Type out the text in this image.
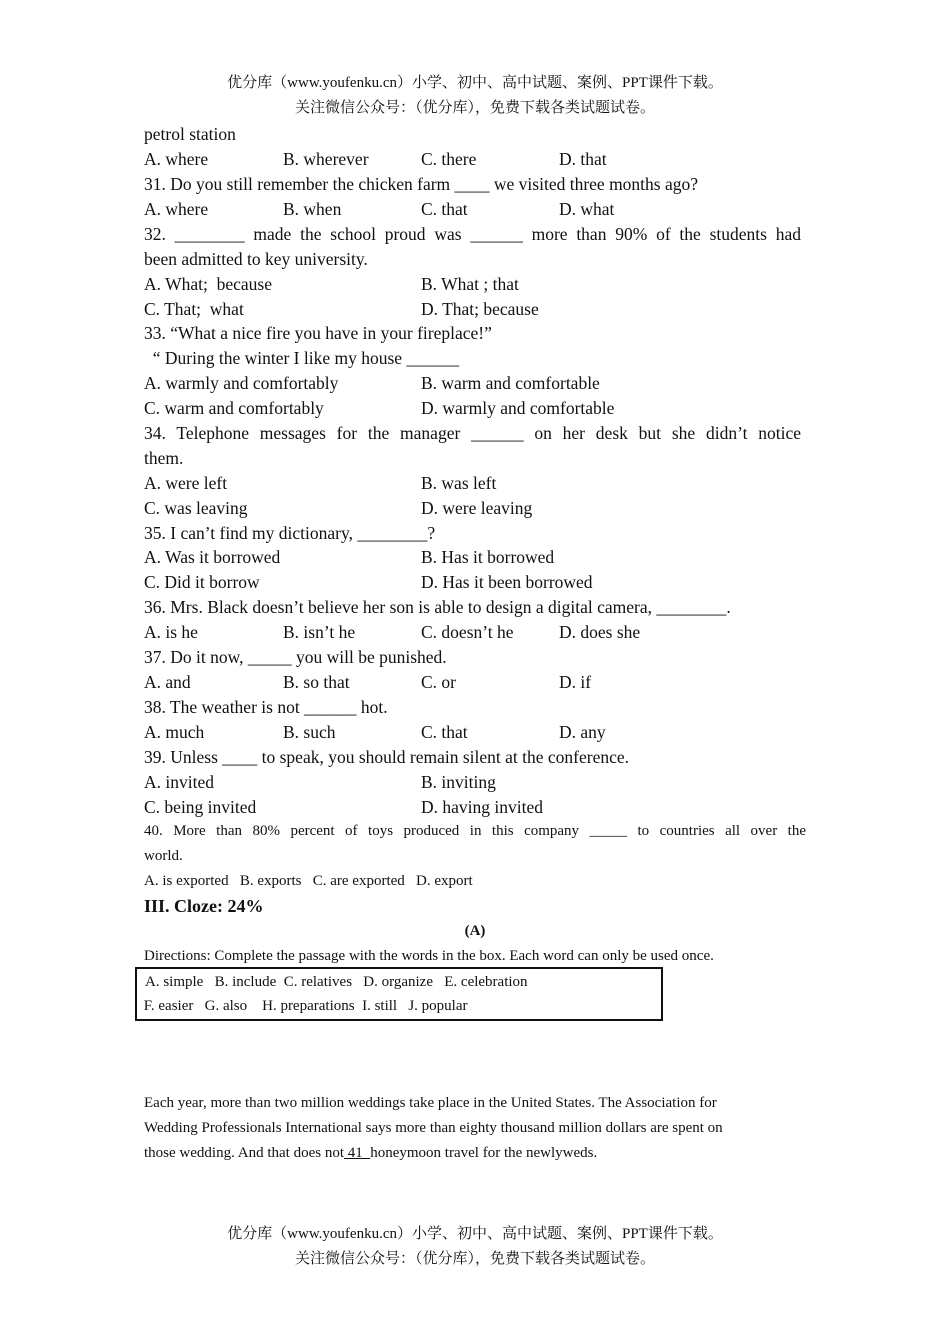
优分库（www.youfenku.cn）小学、初中、高中试题、案例、PPT课件下载。
关注微信公众号：（优分库），免费下载各类试题试卷。
petrol station

A. where

	B. wherever

	C. there

	D. that

31. Do you still remember the chicken farm ____ we visited three months ago?

A. where

	B. when

	C. that

	D. what

32. ________ made the school proud was ______ more than 90% of the students had
been admitted to key university.

A. What;  because

	B. What ; that

C. That;  what

	D. That; because

33. “What a nice fire you have in your fireplace!”
“ During the winter I like my house ______

A. warmly and comfortably

	B. warm and comfortable

C. warm and comfortably

	D. warmly and comfortable

34. Telephone messages for the manager ______ on her desk but she didn’t notice
them.

A. were left

	B. was left

C. was leaving

	D. were leaving

35. I can’t find my dictionary, ________?

A. Was it borrowed

	B. Has it borrowed

C. Did it borrow

	D. Has it been borrowed

36. Mrs. Black doesn’t believe her son is able to design a digital camera, ________.

A. is he

	B. isn’t he

	C. doesn’t he

	D. does she

37. Do it now, _____ you will be punished.

A. and

	B. so that

	C. or

	D. if

38. The weather is not ______ hot.

A. much

	B. such

	C. that

	D. any

39. Unless ____ to speak, you should remain silent at the conference.

A. invited

	B. inviting

C. being invited

	D. having invited

40. More than 80% percent of toys produced in this company _____ to countries all over the
world.
A. is exported   B. exports   C. are exported   D. export
III. Cloze: 24%
(A)
Directions: Complete the passage with the words in the box. Each word can only be used once.
A. simple   B. include  C. relatives   D. organize   E. celebration
F. easier   G. also    H. preparations  I. still   J. popular
Each year, more than two million weddings take place in the United States. The Association for
Wedding Professionals International says more than eighty thousand million dollars are spent on
those wedding. And that does not 41  honeymoon travel for the newlyweds.
优分库（www.youfenku.cn）小学、初中、高中试题、案例、PPT课件下载。
关注微信公众号：（优分库），免费下载各类试题试卷。
